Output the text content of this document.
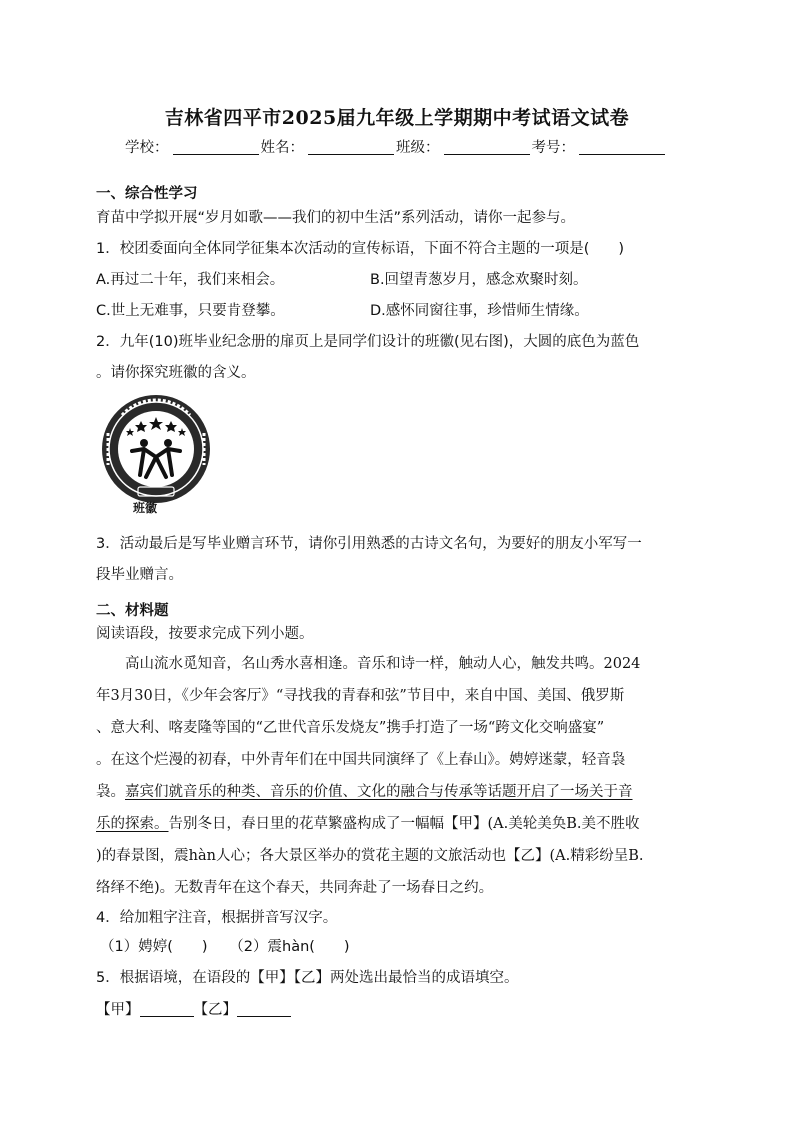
吉林省四平市2025届九年级上学期期中考试语文试卷
学校：	姓名：	班级：	考号：
一、综合性学习
育苗中学拟开展“岁月如歌——我们的初中生活”系列活动，请你一起参与。
1．校团委面向全体同学征集本次活动的宣传标语，下面不符合主题的一项是(　　)
A.再过二十年，我们来相会。	B.回望青葱岁月，感念欢聚时刻。
C.世上无难事，只要肯登攀。	D.感怀同窗往事，珍惜师生情缘。
2．九年(10)班毕业纪念册的扉页上是同学们设计的班徽(见右图)，大圆的底色为蓝色
。请你探究班徽的含义。
班徽
3．活动最后是写毕业赠言环节，请你引用熟悉的古诗文名句，为要好的朋友小军写一
段毕业赠言。
二、材料题
阅读语段，按要求完成下列小题。
　　高山流水觅知音，名山秀水喜相逢。音乐和诗一样，触动人心，触发共鸣。2024
年3月30日，《少年会客厅》“寻找我的青春和弦”节目中，来自中国、美国、俄罗斯
、意大利、喀麦隆等国的“乙世代音乐发烧友”携手打造了一场“跨文化交响盛宴”
。在这个烂漫的初春，中外青年们在中国共同演绎了《上春山》。娉婷迷蒙，轻音袅
袅。嘉宾们就音乐的种类、音乐的价值、文化的融合与传承等话题开启了一场关于音
乐的探索。告别冬日，春日里的花草繁盛构成了一幅幅【甲】(A.美轮美奂B.美不胜收
)的春景图，震hàn人心；各大景区举办的赏花主题的文旅活动也【乙】(A.精彩纷呈B.
络绎不绝)。无数青年在这个春天，共同奔赴了一场春日之约。
4．给加粗字注音，根据拼音写汉字。
（1）娉婷(　　)　　（2）震hàn(　　)
5．根据语境，在语段的【甲】【乙】两处选出最恰当的成语填空。
【甲】	【乙】
